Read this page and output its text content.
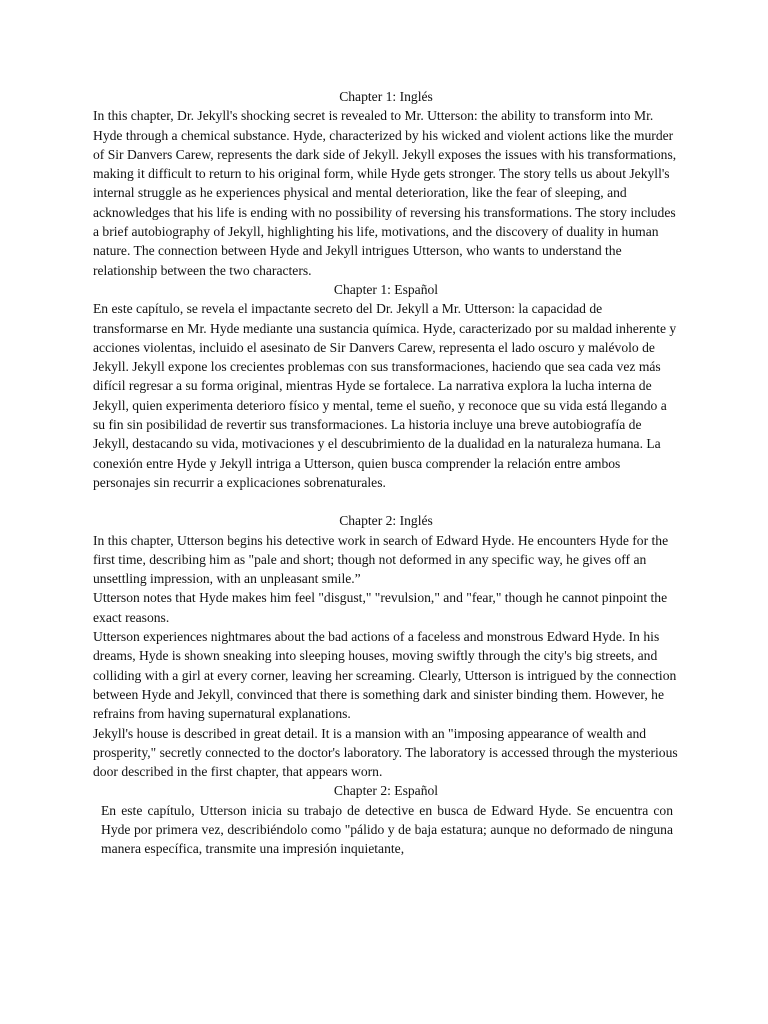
Chapter 1: Inglés

In this chapter, Dr. Jekyll's shocking secret is revealed to Mr. Utterson: the ability to transform into Mr. Hyde through a chemical substance. Hyde, characterized by his wicked and violent actions like the murder of Sir Danvers Carew, represents the dark side of Jekyll. Jekyll exposes the issues with his transformations, making it difficult to return to his original form, while Hyde gets stronger. The story tells us about Jekyll's internal struggle as he experiences physical and mental deterioration, like the fear of sleeping, and acknowledges that his life is ending with no possibility of reversing his transformations. The story includes a brief autobiography of Jekyll, highlighting his life, motivations, and the discovery of duality in human nature. The connection between Hyde and Jekyll intrigues Utterson, who wants to understand the relationship between the two characters.

Chapter 1: Español

En este capítulo, se revela el impactante secreto del Dr. Jekyll a Mr. Utterson: la capacidad de transformarse en Mr. Hyde mediante una sustancia química. Hyde, caracterizado por su maldad inherente y acciones violentas, incluido el asesinato de Sir Danvers Carew, representa el lado oscuro y malévolo de Jekyll. Jekyll expone los crecientes problemas con sus transformaciones, haciendo que sea cada vez más difícil regresar a su forma original, mientras Hyde se fortalece. La narrativa explora la lucha interna de Jekyll, quien experimenta deterioro físico y mental, teme el sueño, y reconoce que su vida está llegando a su fin sin posibilidad de revertir sus transformaciones. La historia incluye una breve autobiografía de Jekyll, destacando su vida, motivaciones y el descubrimiento de la dualidad en la naturaleza humana. La conexión entre Hyde y Jekyll intriga a Utterson, quien busca comprender la relación entre ambos personajes sin recurrir a explicaciones sobrenaturales.

Chapter 2: Inglés

In this chapter, Utterson begins his detective work in search of Edward Hyde. He encounters Hyde for the first time, describing him as "pale and short; though not deformed in any specific way, he gives off an unsettling impression, with an unpleasant smile.”

Utterson notes that Hyde makes him feel "disgust," "revulsion," and "fear," though he cannot pinpoint the exact reasons.

Utterson experiences nightmares about the bad actions of a faceless and monstrous Edward Hyde. In his dreams, Hyde is shown sneaking into sleeping houses, moving swiftly through the city's big streets, and colliding with a girl at every corner, leaving her screaming. Clearly, Utterson is intrigued by the connection between Hyde and Jekyll, convinced that there is something dark and sinister binding them. However, he refrains from having supernatural explanations.

Jekyll's house is described in great detail. It is a mansion with an "imposing appearance of wealth and prosperity," secretly connected to the doctor's laboratory. The laboratory is accessed through the mysterious door described in the first chapter, that appears worn.

Chapter 2: Español

En este capítulo, Utterson inicia su trabajo de detective en busca de Edward Hyde. Se encuentra con Hyde por primera vez, describiéndolo como "pálido y de baja estatura; aunque no deformado de ninguna manera específica, transmite una impresión inquietante,
